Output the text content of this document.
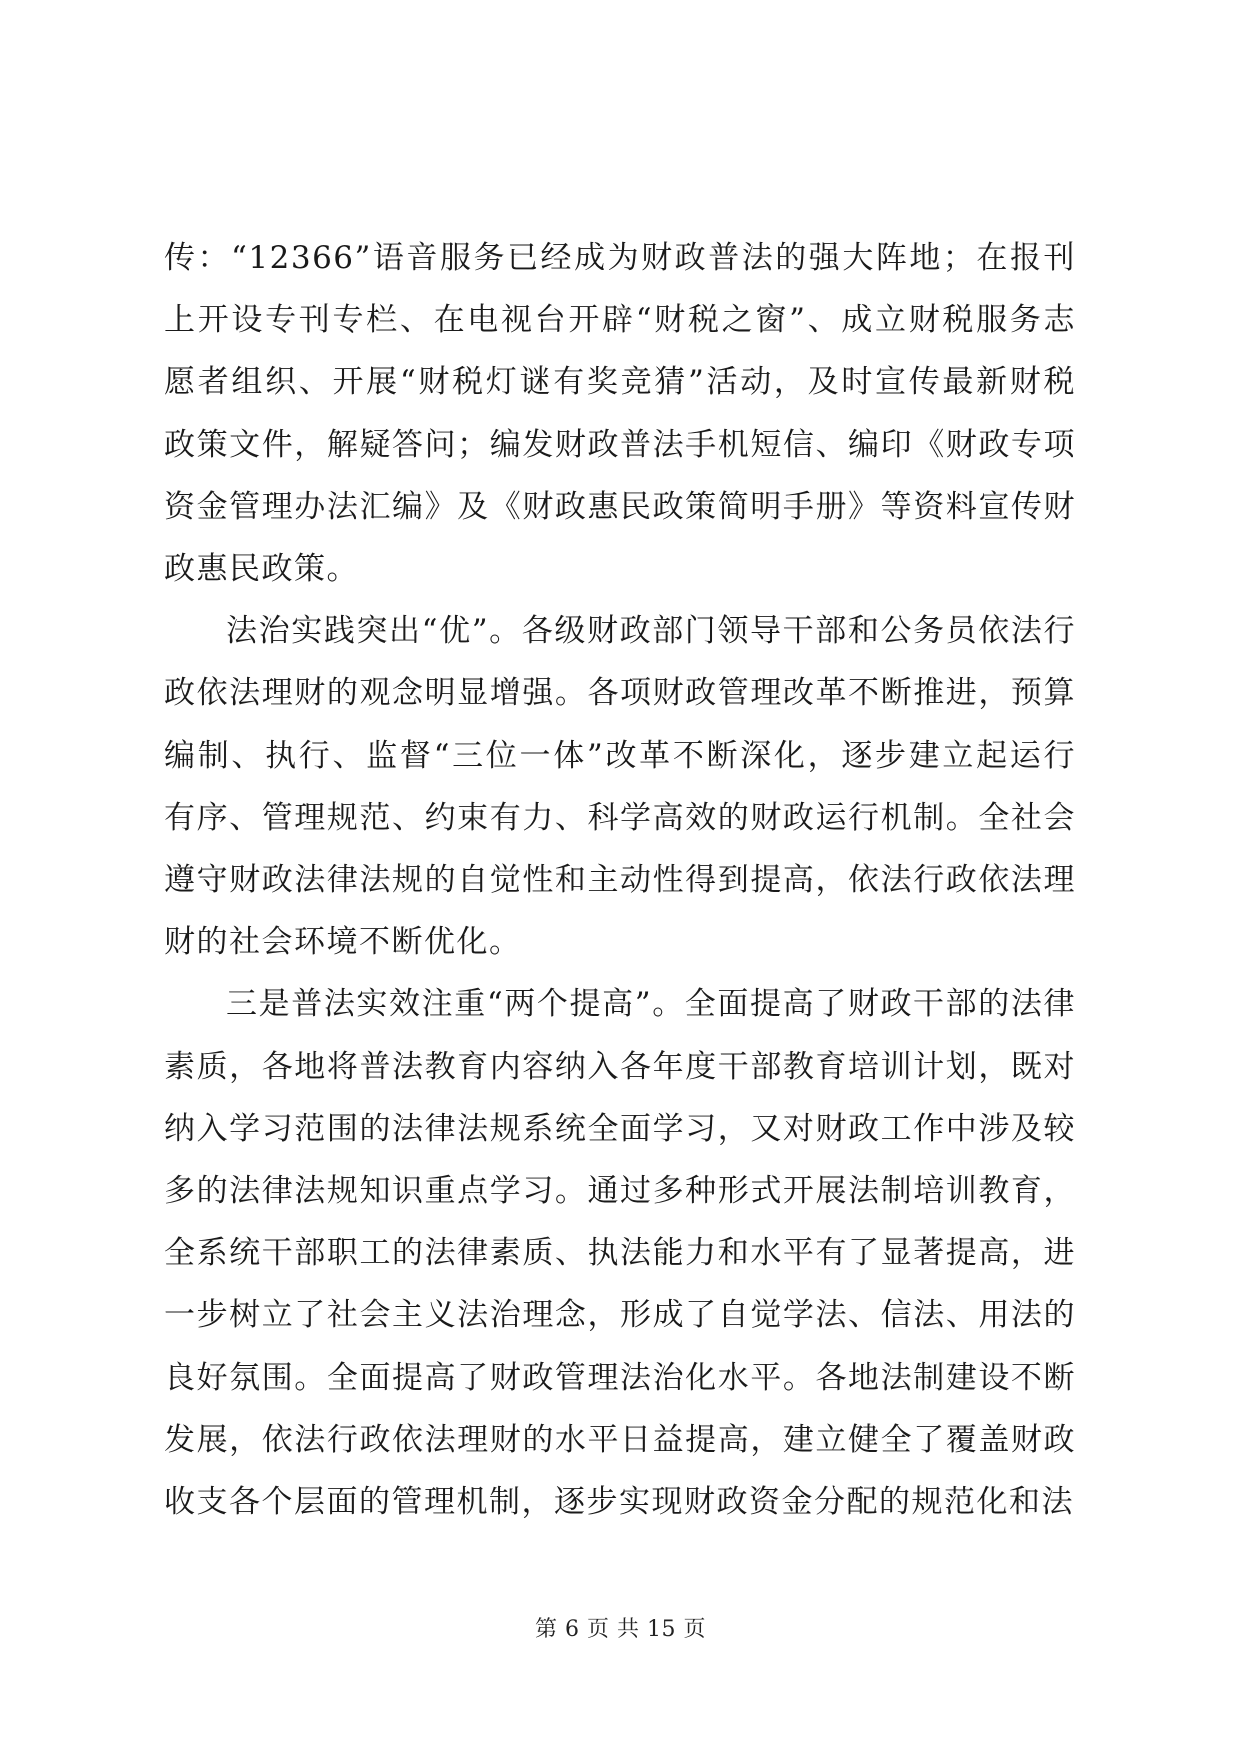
传：“12366”语音服务已经成为财政普法的强大阵地；在报刊上开设专刊专栏、在电视台开辟“财税之窗”、成立财税服务志愿者组织、开展“财税灯谜有奖竞猜”活动，及时宣传最新财税政策文件，解疑答问；编发财政普法手机短信、编印《财政专项资金管理办法汇编》及《财政惠民政策简明手册》等资料宣传财政惠民政策。

法治实践突出“优”。各级财政部门领导干部和公务员依法行政依法理财的观念明显增强。各项财政管理改革不断推进，预算编制、执行、监督“三位一体”改革不断深化，逐步建立起运行有序、管理规范、约束有力、科学高效的财政运行机制。全社会遵守财政法律法规的自觉性和主动性得到提高，依法行政依法理财的社会环境不断优化。

三是普法实效注重“两个提高”。全面提高了财政干部的法律素质，各地将普法教育内容纳入各年度干部教育培训计划，既对纳入学习范围的法律法规系统全面学习，又对财政工作中涉及较多的法律法规知识重点学习。通过多种形式开展法制培训教育，全系统干部职工的法律素质、执法能力和水平有了显著提高，进一步树立了社会主义法治理念，形成了自觉学法、信法、用法的良好氛围。全面提高了财政管理法治化水平。各地法制建设不断发展，依法行政依法理财的水平日益提高，建立健全了覆盖财政收支各个层面的管理机制，逐步实现财政资金分配的规范化和法

第 6 页 共 15 页
